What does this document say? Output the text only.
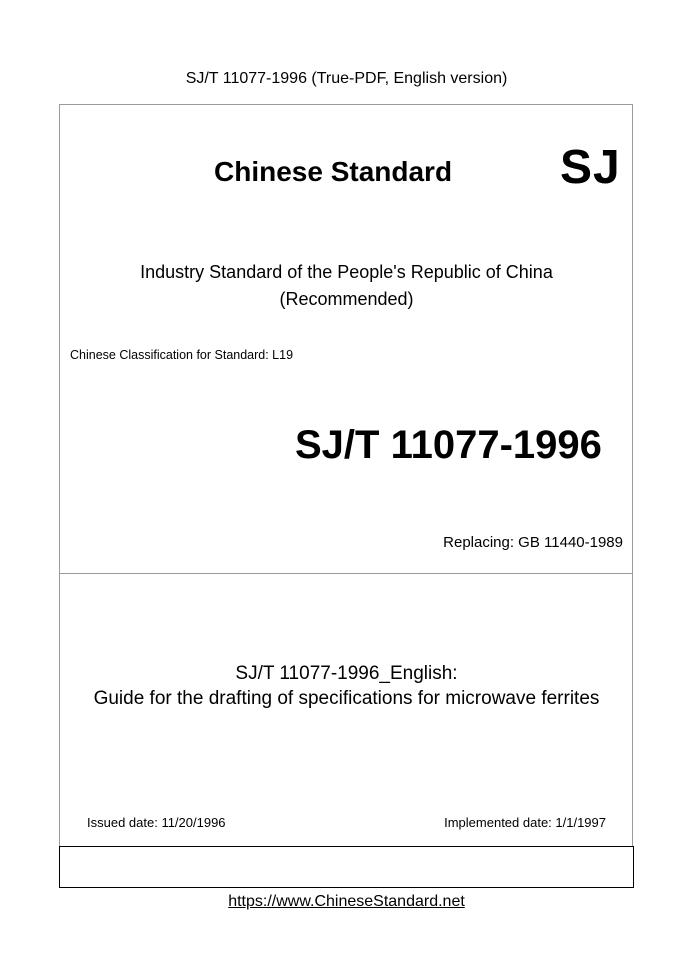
SJ/T 11077-1996 (True-PDF, English version)
Chinese Standard SJ
Industry Standard of the People's Republic of China
(Recommended)
Chinese Classification for Standard: L19
SJ/T 11077-1996
Replacing: GB 11440-1989
SJ/T 11077-1996_English:
Guide for the drafting of specifications for microwave ferrites
Issued date: 11/20/1996	Implemented date: 1/1/1997
https://www.ChineseStandard.net
